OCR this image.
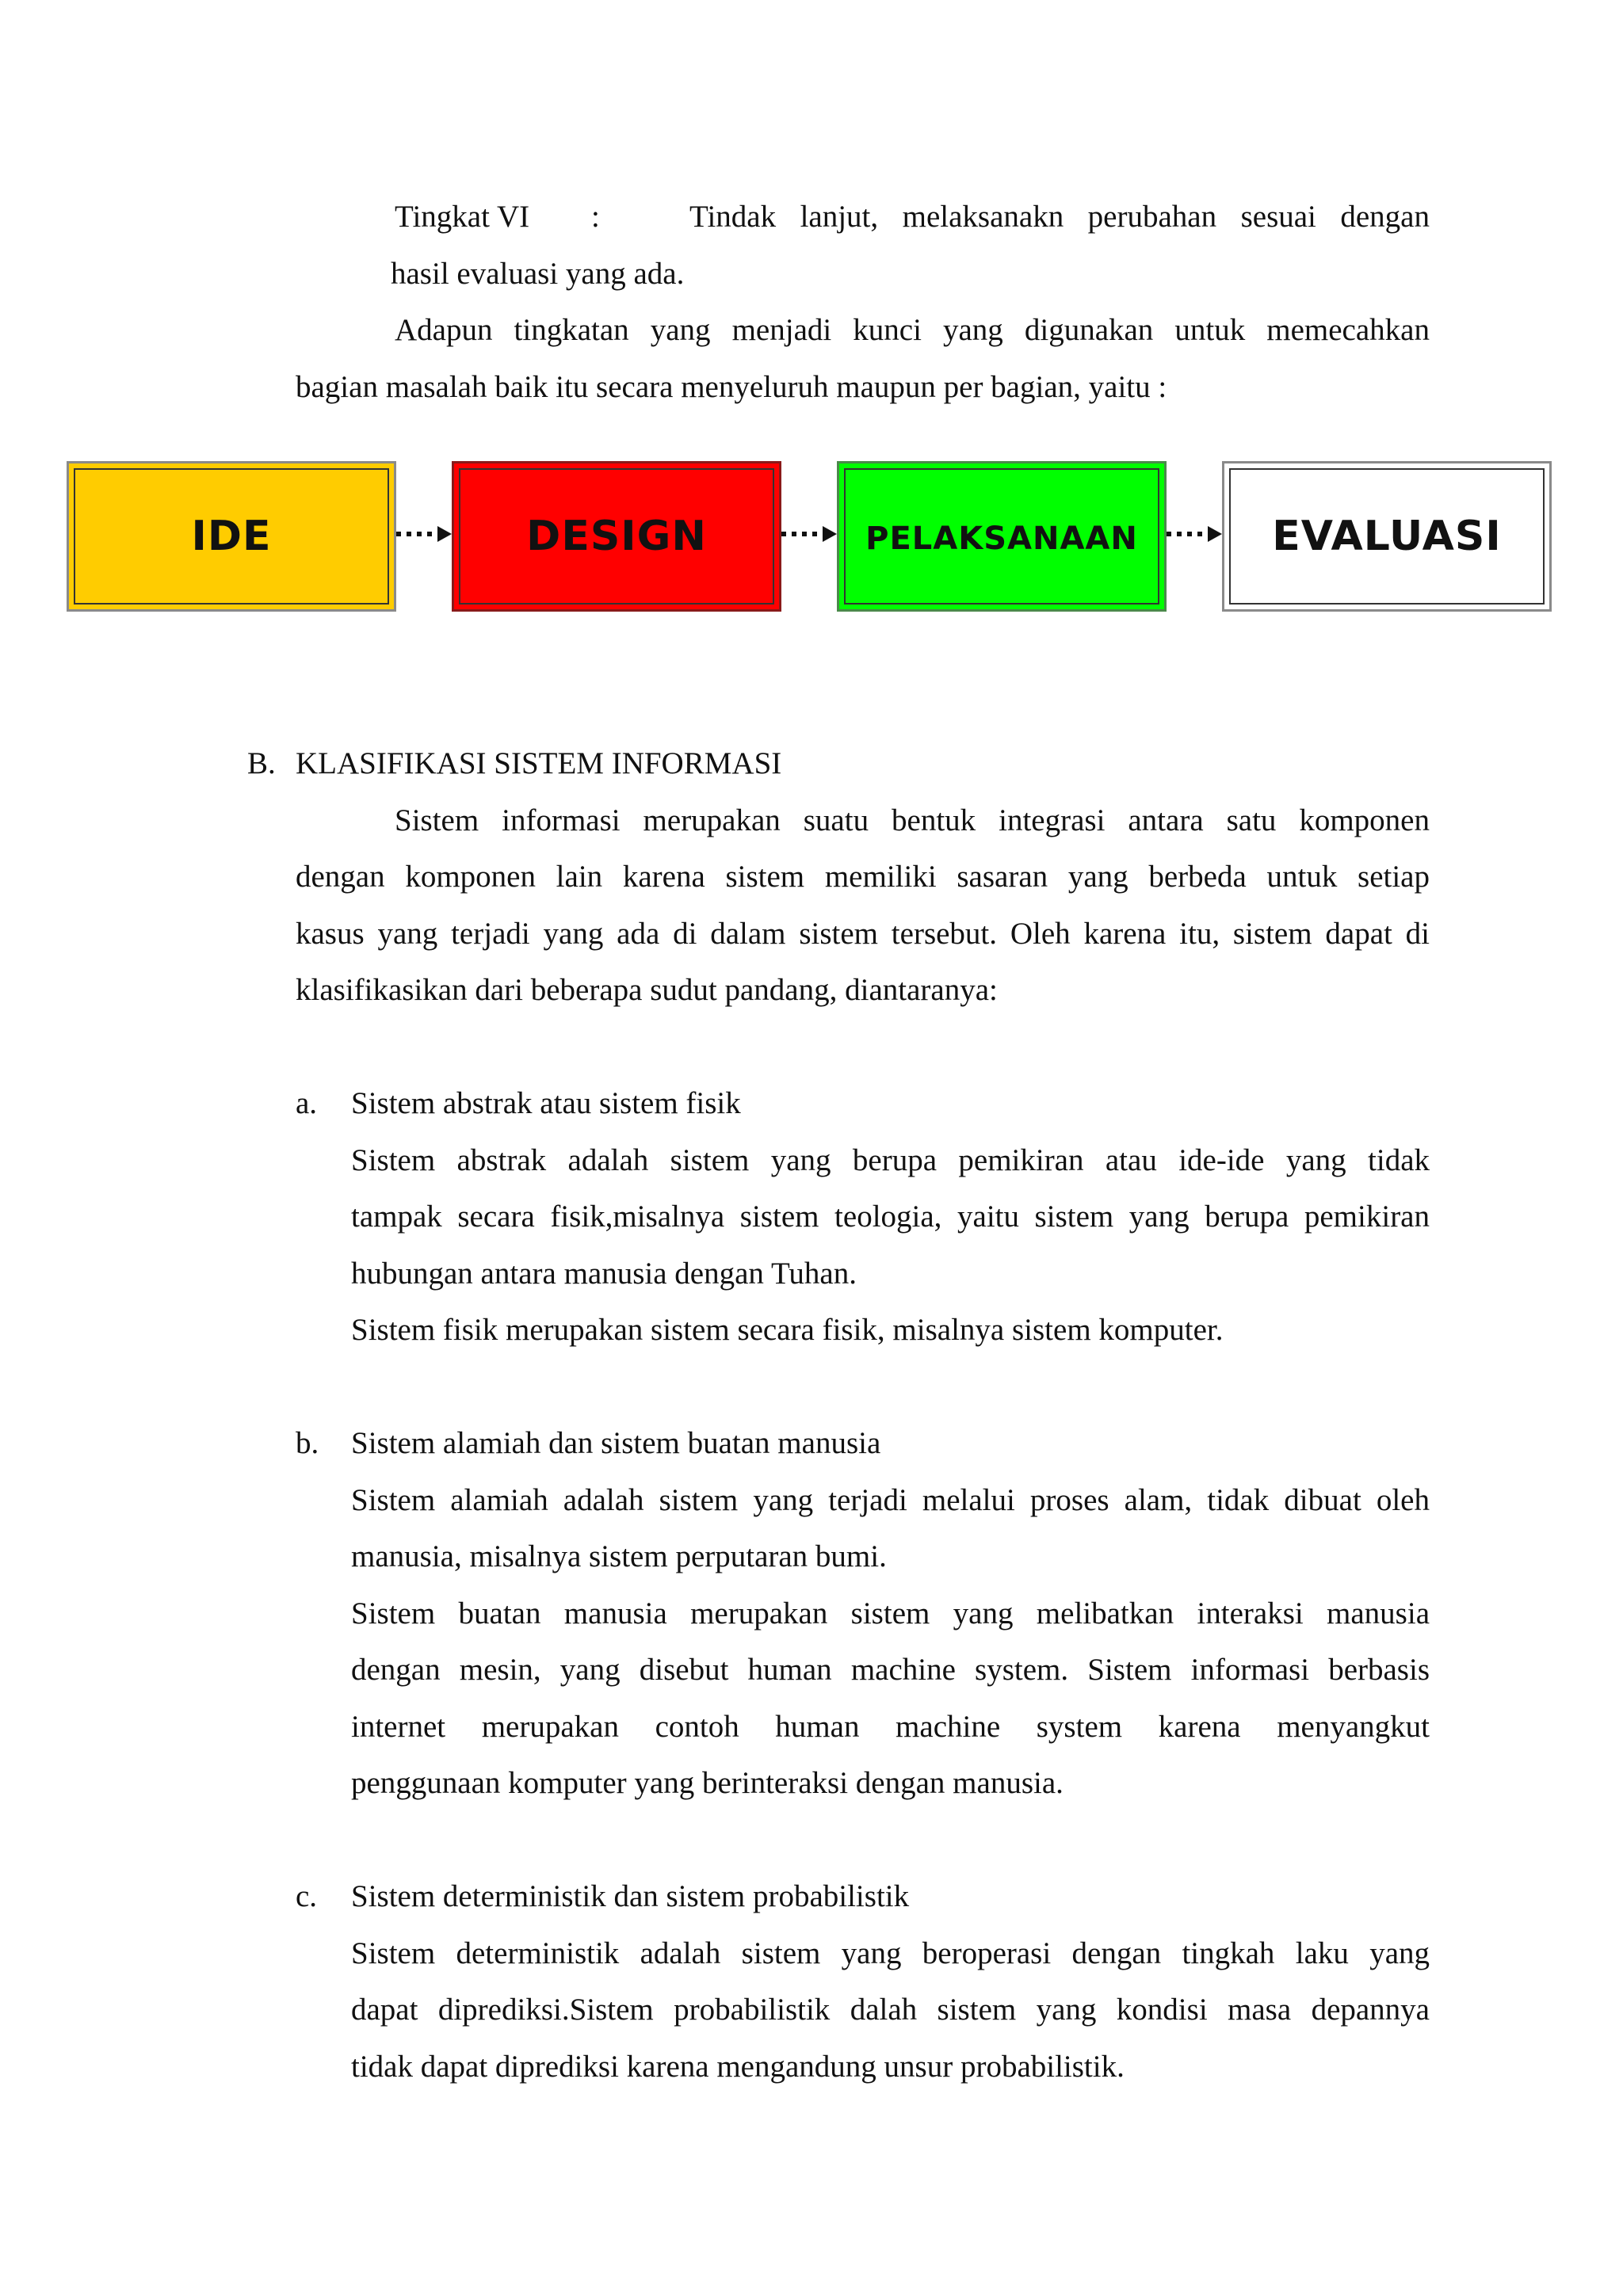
Tingkat VI :	Tindak lanjut, melaksanakn perubahan sesuai dengan
hasil evaluasi yang ada.
Adapun tingkatan yang menjadi kunci yang digunakan untuk memecahkan
bagian masalah baik itu secara menyeluruh maupun per bagian, yaitu :
IDE	DESIGN	PELAKSANAAN	EVALUASI
B. KLASIFIKASI SISTEM INFORMASI
Sistem informasi merupakan suatu bentuk integrasi antara satu komponen
dengan komponen lain karena sistem memiliki sasaran yang berbeda untuk setiap
kasus yang terjadi yang ada di dalam sistem tersebut. Oleh karena itu, sistem dapat di
klasifikasikan dari beberapa sudut pandang, diantaranya:
a. Sistem abstrak atau sistem fisik
Sistem abstrak adalah sistem yang berupa pemikiran atau ide-ide yang tidak
tampak secara fisik,misalnya sistem teologia, yaitu sistem yang berupa pemikiran
hubungan antara manusia dengan Tuhan.
Sistem fisik merupakan sistem secara fisik, misalnya sistem komputer.
b. Sistem alamiah dan sistem buatan manusia
Sistem alamiah adalah sistem yang terjadi melalui proses alam, tidak dibuat oleh
manusia, misalnya sistem perputaran bumi.
Sistem buatan manusia merupakan sistem yang melibatkan interaksi manusia
dengan mesin, yang disebut human machine system. Sistem informasi berbasis
internet merupakan contoh human machine system karena menyangkut
penggunaan komputer yang berinteraksi dengan manusia.
c. Sistem deterministik dan sistem probabilistik
Sistem deterministik adalah sistem yang beroperasi dengan tingkah laku yang
dapat diprediksi.Sistem probabilistik dalah sistem yang kondisi masa depannya
tidak dapat diprediksi karena mengandung unsur probabilistik.
